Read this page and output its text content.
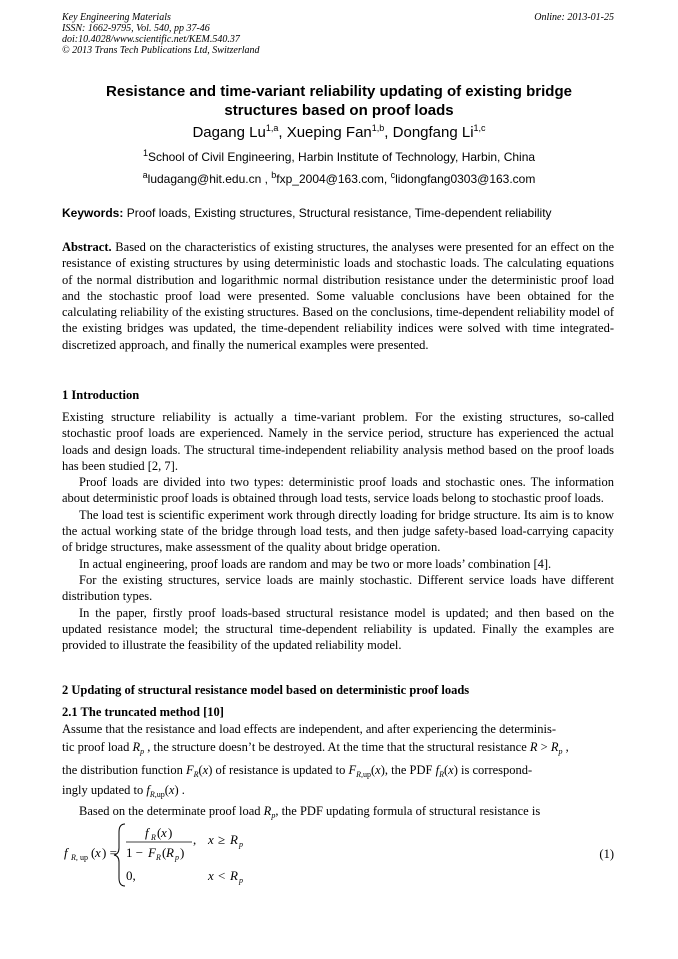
Key Engineering Materials
ISSN: 1662-9795, Vol. 540, pp 37-46
doi:10.4028/www.scientific.net/KEM.540.37
© 2013 Trans Tech Publications Ltd, Switzerland
Online: 2013-01-25
Resistance and time-variant reliability updating of existing bridge
structures based on proof loads
Dagang Lu$^{1,a}$, Xueping Fan$^{1,b}$, Dongfang Li$^{1,c}$
$^1$School of Civil Engineering, Harbin Institute of Technology, Harbin, China
$^a$ludagang@hit.edu.cn , $^b$fxp_2004@163.com, $^c$lidongfang0303@163.com
Keywords: Proof loads, Existing structures, Structural resistance, Time-dependent reliability
Abstract. Based on the characteristics of existing structures, the analyses were presented for an effect on the resistance of existing structures by using deterministic loads and stochastic loads. The calculating equations of the normal distribution and logarithmic normal distribution resistance under the deterministic proof load and the stochastic proof load were presented. Some valuable conclusions have been obtained for the calculating reliability of the existing structures. Based on the conclusions, time-dependent reliability model of the existing bridges was updated, the time-dependent reliability indices were solved with time integrated-discretized approach, and finally the numerical examples were presented.
1 Introduction

Existing structure reliability is actually a time-variant problem. For the existing structures, so-called stochastic proof loads are experienced. Namely in the service period, structure has experienced the actual loads and design loads. The structural time-independent reliability analysis method based on the proof loads has been studied [2, 7].

Proof loads are divided into two types: deterministic proof loads and stochastic ones. The information about deterministic proof loads is obtained through load tests, service loads belong to stochastic proof loads.

The load test is scientific experiment work through directly loading for bridge structure. Its aim is to know the actual working state of the bridge through load tests, and then judge safety-based load-carrying capacity of bridge structures, make assessment of the quality about bridge operation.

In actual engineering, proof loads are random and may be two or more loads’ combination [4].

For the existing structures, service loads are mainly stochastic. Different service loads have different distribution types.

In the paper, firstly proof loads-based structural resistance model is updated; and then based on the updated resistance model; the structural time-dependent reliability is updated. Finally the examples are provided to illustrate the feasibility of the updated reliability model.

2 Updating of structural resistance model based on deterministic proof loads
2.1 The truncated method [10]
Assume that the resistance and load effects are independent, and after experiencing the determinis-
tic proof load $R_p$ , the structure doesn’t be destroyed. At the time that the structural resistance $R > R_p$ ,
the distribution function $F_R(x)$ of resistance is updated to $F_{R,up}(x)$, the PDF $f_R(x)$ is correspond-
ingly updated to $f_{R,up}(x)$ .
Based on the determinate proof load $R_p$, the PDF updating formula of structural resistance is
f R, up ( x ) =
f R ( x )
1 − F R ( R p )
, x ≥ R p
0,	x < R p
(1)
